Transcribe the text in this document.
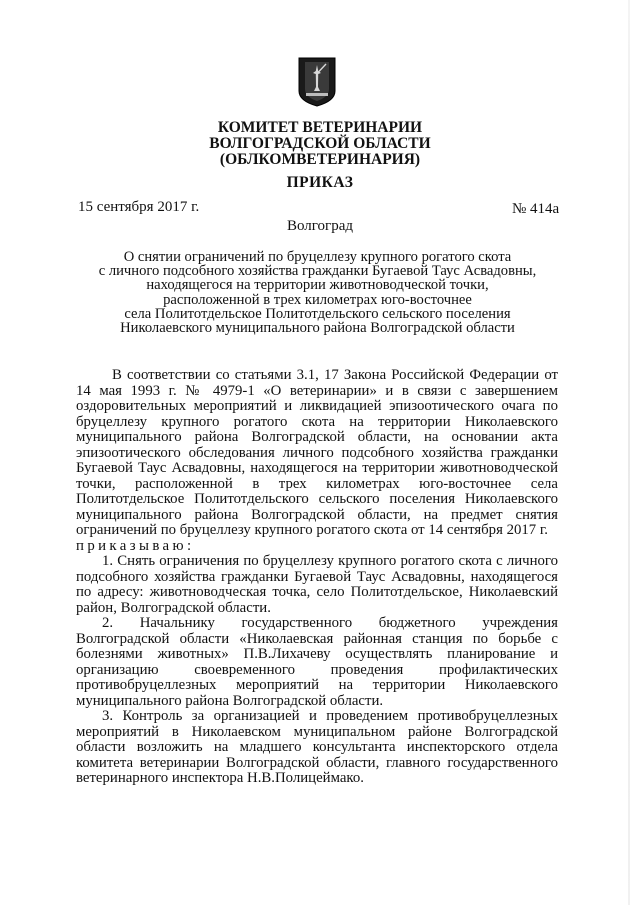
КОМИТЕТ ВЕТЕРИНАРИИ
ВОЛГОГРАДСКОЙ ОБЛАСТИ
(ОБЛКОМВЕТЕРИНАРИЯ)
ПРИКАЗ
15 сентября 2017 г.	№ 414а
Волгоград
О снятии ограничений по бруцеллезу крупного рогатого скота
с личного подсобного хозяйства гражданки Бугаевой Таус Асвадовны,
находящегося на территории животноводческой точки,
расположенной в трех километрах юго-восточнее
села Политотдельское Политотдельского сельского поселения
Николаевского муниципального района Волгоградской области

В соответствии со статьями 3.1, 17 Закона Российской Федерации от 14 мая 1993 г. № 4979-1 «О ветеринарии» и в связи с завершением оздоровительных мероприятий и ликвидацией эпизоотического очага по бруцеллезу крупного рогатого скота на территории Николаевского муниципального района Волгоградской области, на основании акта эпизоотического обследования личного подсобного хозяйства гражданки Бугаевой Таус Асвадовны, находящегося на территории животноводческой точки, расположенной в трех километрах юго-восточнее села Политотдельское Политотдельского сельского поселения Николаевского муниципального района Волгоградской области, на предмет снятия ограничений по бруцеллезу крупного рогатого скота от 14 сентября 2017 г.

приказываю:

1. Снять ограничения по бруцеллезу крупного рогатого скота с личного подсобного хозяйства гражданки Бугаевой Таус Асвадовны, находящегося по адресу: животноводческая точка, село Политотдельское, Николаевский район, Волгоградской области.

2. Начальнику государственного бюджетного учреждения Волгоградской области «Николаевская районная станция по борьбе с болезнями животных» П.В.Лихачеву осуществлять планирование и организацию своевременного проведения профилактических противобруцеллезных мероприятий на территории Николаевского муниципального района Волгоградской области.

3. Контроль за организацией и проведением противобруцеллезных мероприятий в Николаевском муниципальном районе Волгоградской области возложить на младшего консультанта инспекторского отдела комитета ветеринарии Волгоградской области, главного государственного ветеринарного инспектора Н.В.Полицеймако.
